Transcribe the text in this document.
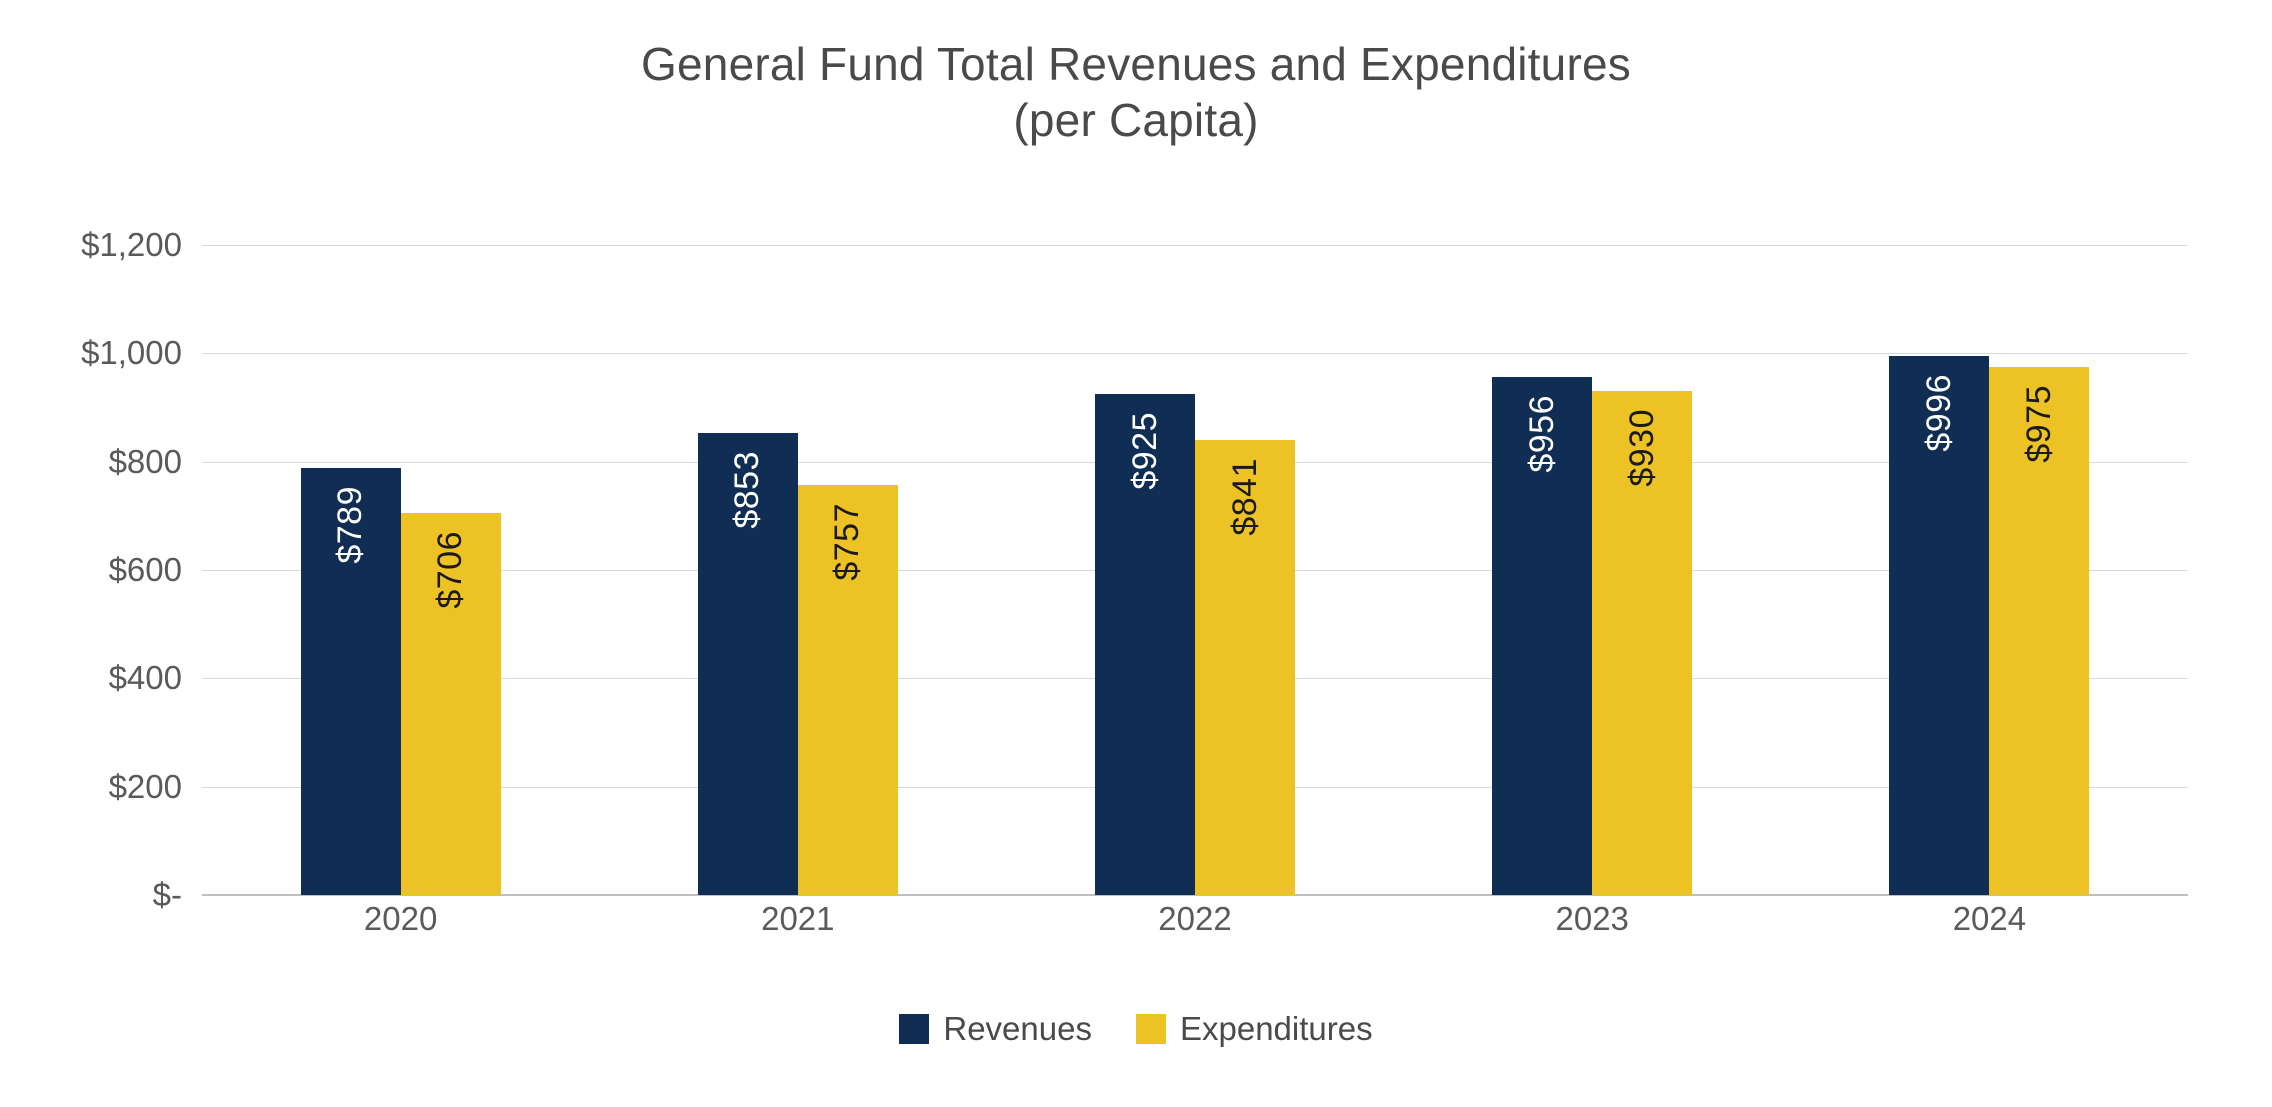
General Fund Total Revenues and Expenditures
(per Capita)
$1,200
$1,000
$800
$600
$400
$200
$-
$789
$706
$853
$757
$925
$841
$956 $930	$996 $975
2020	2021	2022	2023	2024
Revenues	Expenditures
